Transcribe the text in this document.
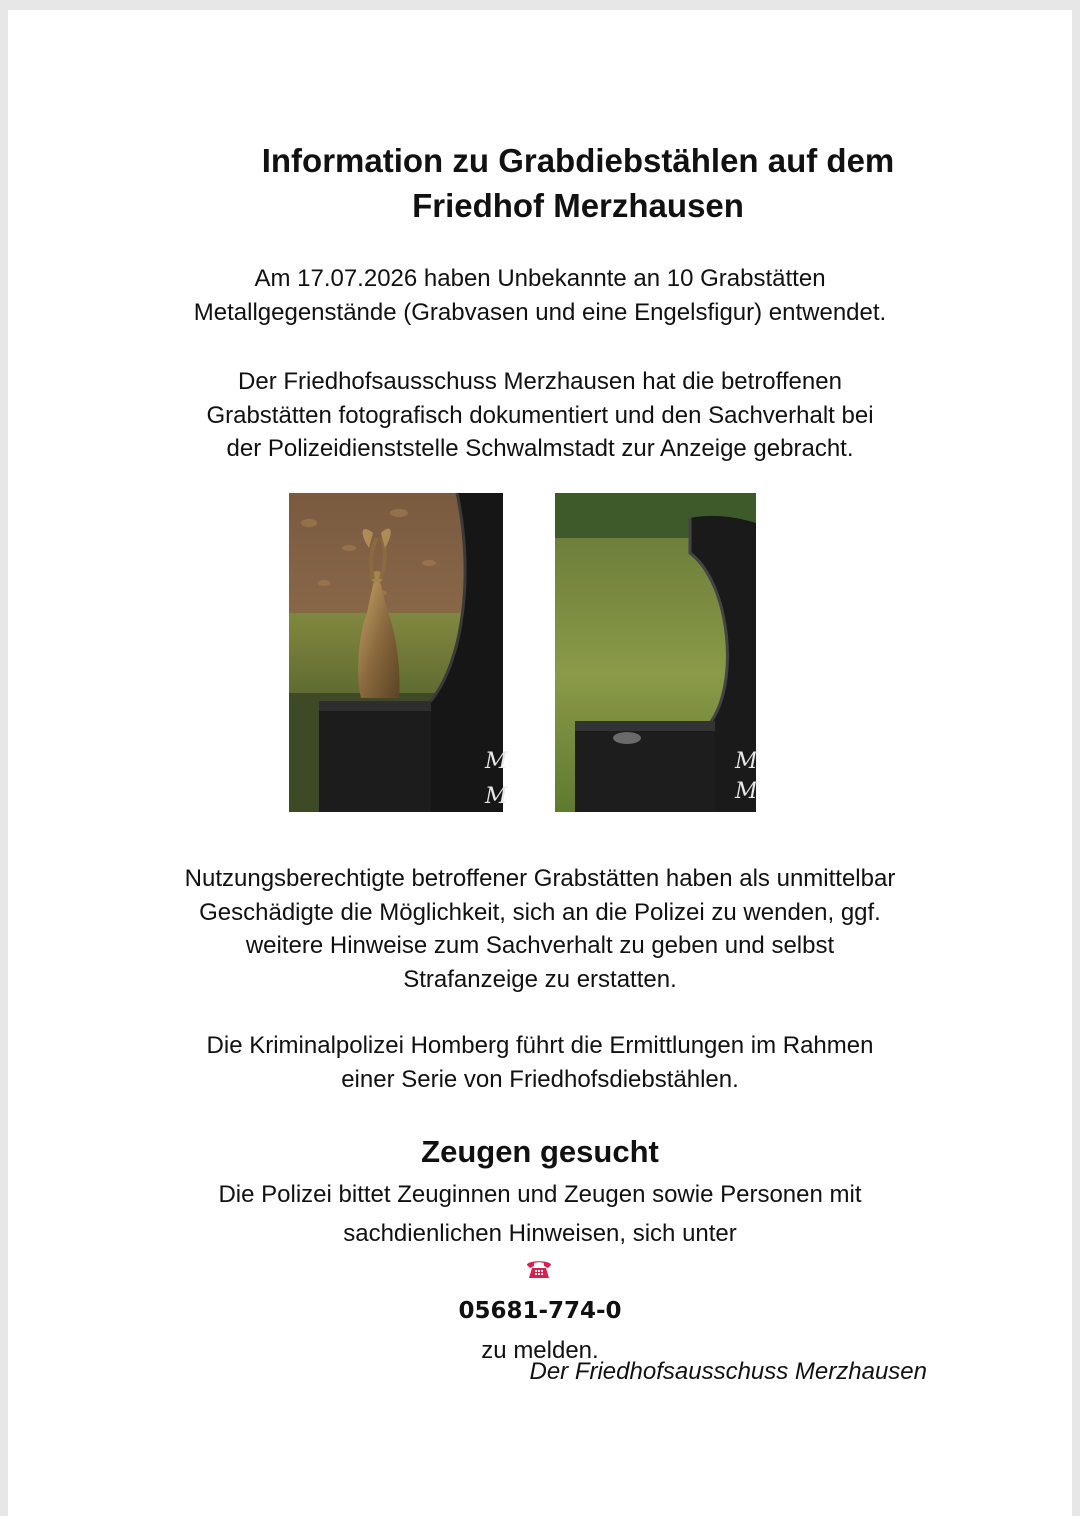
Information zu Grabdiebstählen auf dem
Friedhof Merzhausen
Am 17.07.2026 haben Unbekannte an 10 Grabstätten
Metallgegenstände (Grabvasen und eine Engelsfigur) entwendet.
Der Friedhofsausschuss Merzhausen hat die betroffenen
Grabstätten fotografisch dokumentiert und den Sachverhalt bei
der Polizeidienststelle Schwalmstadt zur Anzeige gebracht.
M
M
M
M
Nutzungsberechtigte betroffener Grabstätten haben als unmittelbar
Geschädigte die Möglichkeit, sich an die Polizei zu wenden, ggf.
weitere Hinweise zum Sachverhalt zu geben und selbst
Strafanzeige zu erstatten.
Die Kriminalpolizei Homberg führt die Ermittlungen im Rahmen
einer Serie von Friedhofsdiebstählen.
Zeugen gesucht
Die Polizei bittet Zeuginnen und Zeugen sowie Personen mit
sachdienlichen Hinweisen, sich unter
05681-774-0
zu melden.
Der Friedhofsausschuss Merzhausen
